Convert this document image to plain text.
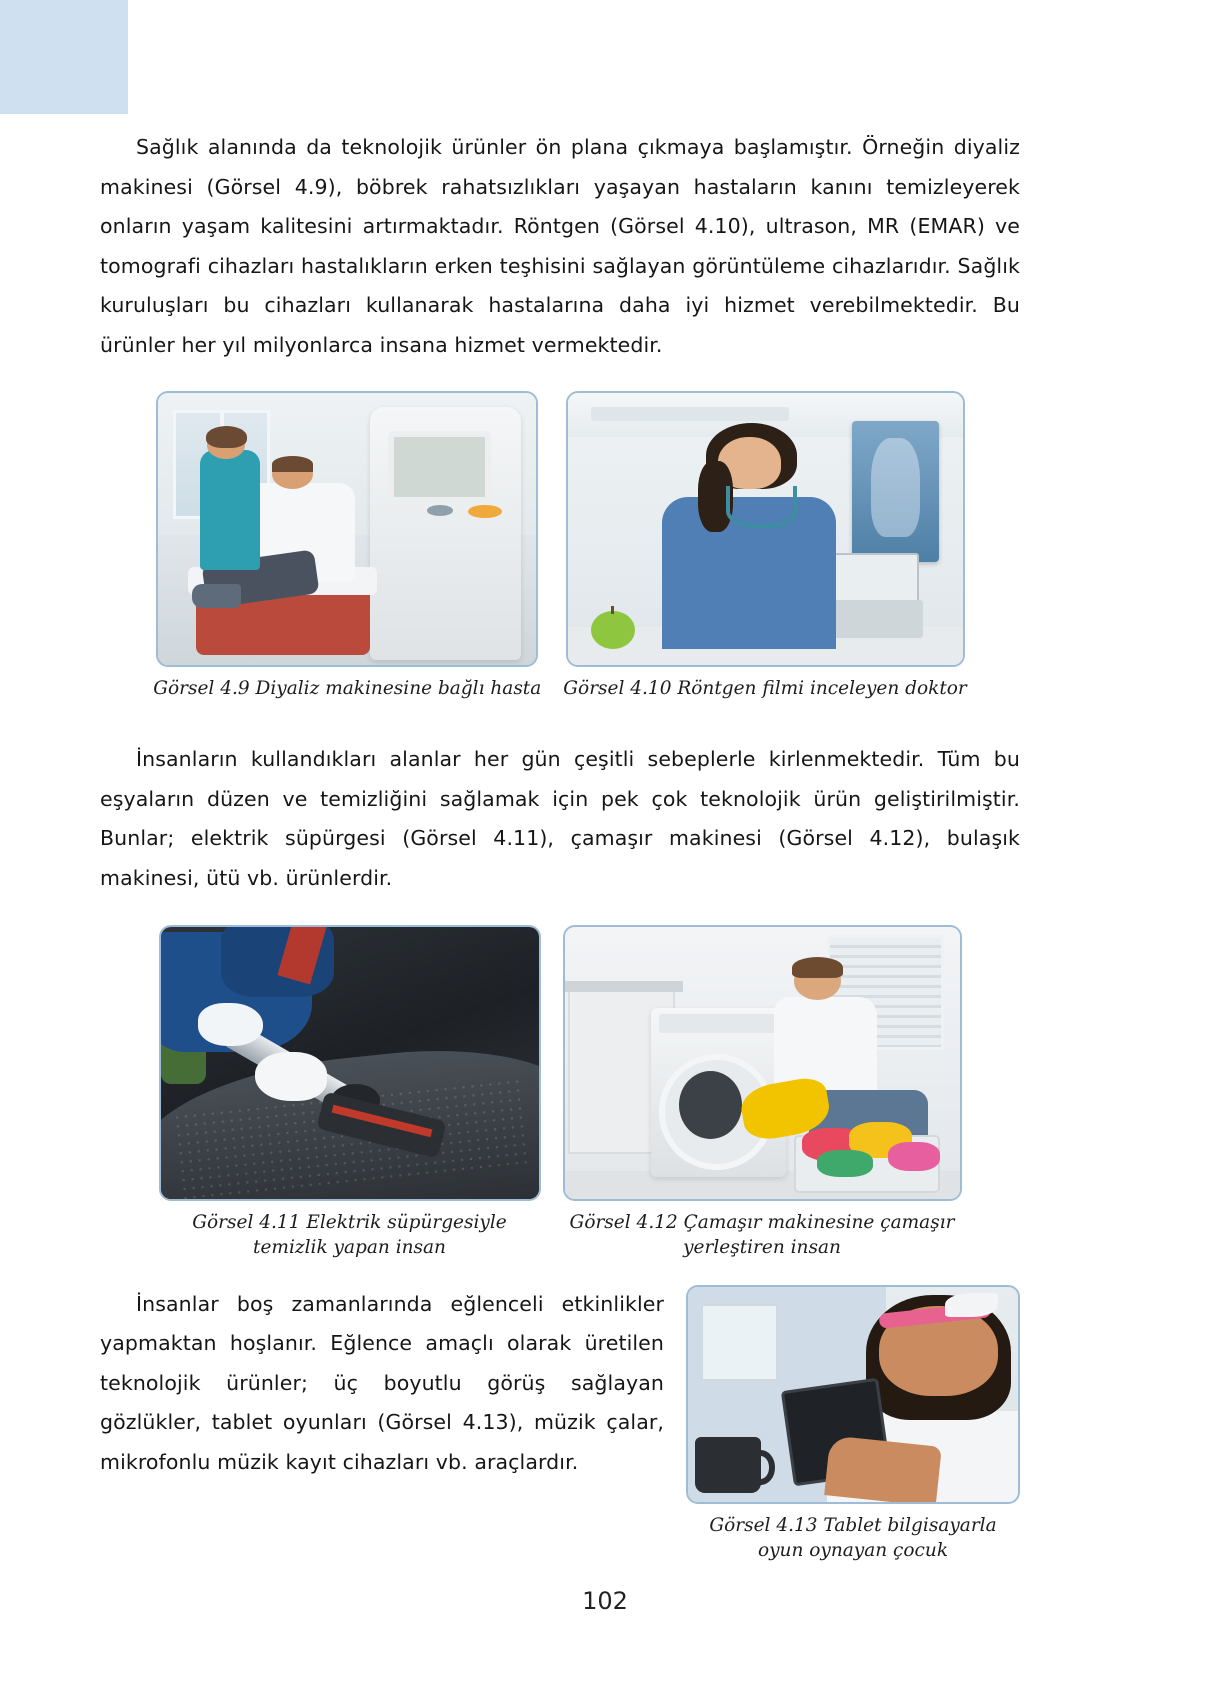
Sağlık alanında da teknolojik ürünler ön plana çıkmaya başlamıştır. Örneğin diyaliz makinesi (Görsel 4.9), böbrek rahatsızlıkları yaşayan hastaların kanını temizleyerek onların yaşam kalitesini artırmaktadır. Röntgen (Görsel 4.10), ultrason, MR (EMAR) ve tomografi cihazları hastalıkların erken teşhisini sağlayan görüntüleme cihazlarıdır. Sağlık kuruluşları bu cihazları kullanarak hastalarına daha iyi hizmet verebilmektedir. Bu ürünler her yıl milyonlarca insana hizmet vermektedir.

Görsel 4.9 Diyaliz makinesine bağlı hasta Görsel 4.10 Röntgen filmi inceleyen doktor

İnsanların kullandıkları alanlar her gün çeşitli sebeplerle kirlenmektedir. Tüm bu eşyaların düzen ve temizliğini sağlamak için pek çok teknolojik ürün geliştirilmiştir. Bunlar; elektrik süpürgesi (Görsel 4.11), çamaşır makinesi (Görsel 4.12), bulaşık makinesi, ütü vb. ürünlerdir.

Görsel 4.11 Elektrik süpürgesiyle temizlik yapan insan
Görsel 4.12 Çamaşır makinesine çamaşır yerleştiren insan

İnsanlar boş zamanlarında eğlenceli etkinlikler yapmaktan hoşlanır. Eğlence amaçlı olarak üretilen teknolojik ürünler; üç boyutlu görüş sağlayan gözlükler, tablet oyunları (Görsel 4.13), müzik çalar, mikrofonlu müzik kayıt cihazları vb. araçlardır.

Görsel 4.13 Tablet bilgisayarla oyun oynayan çocuk
102
